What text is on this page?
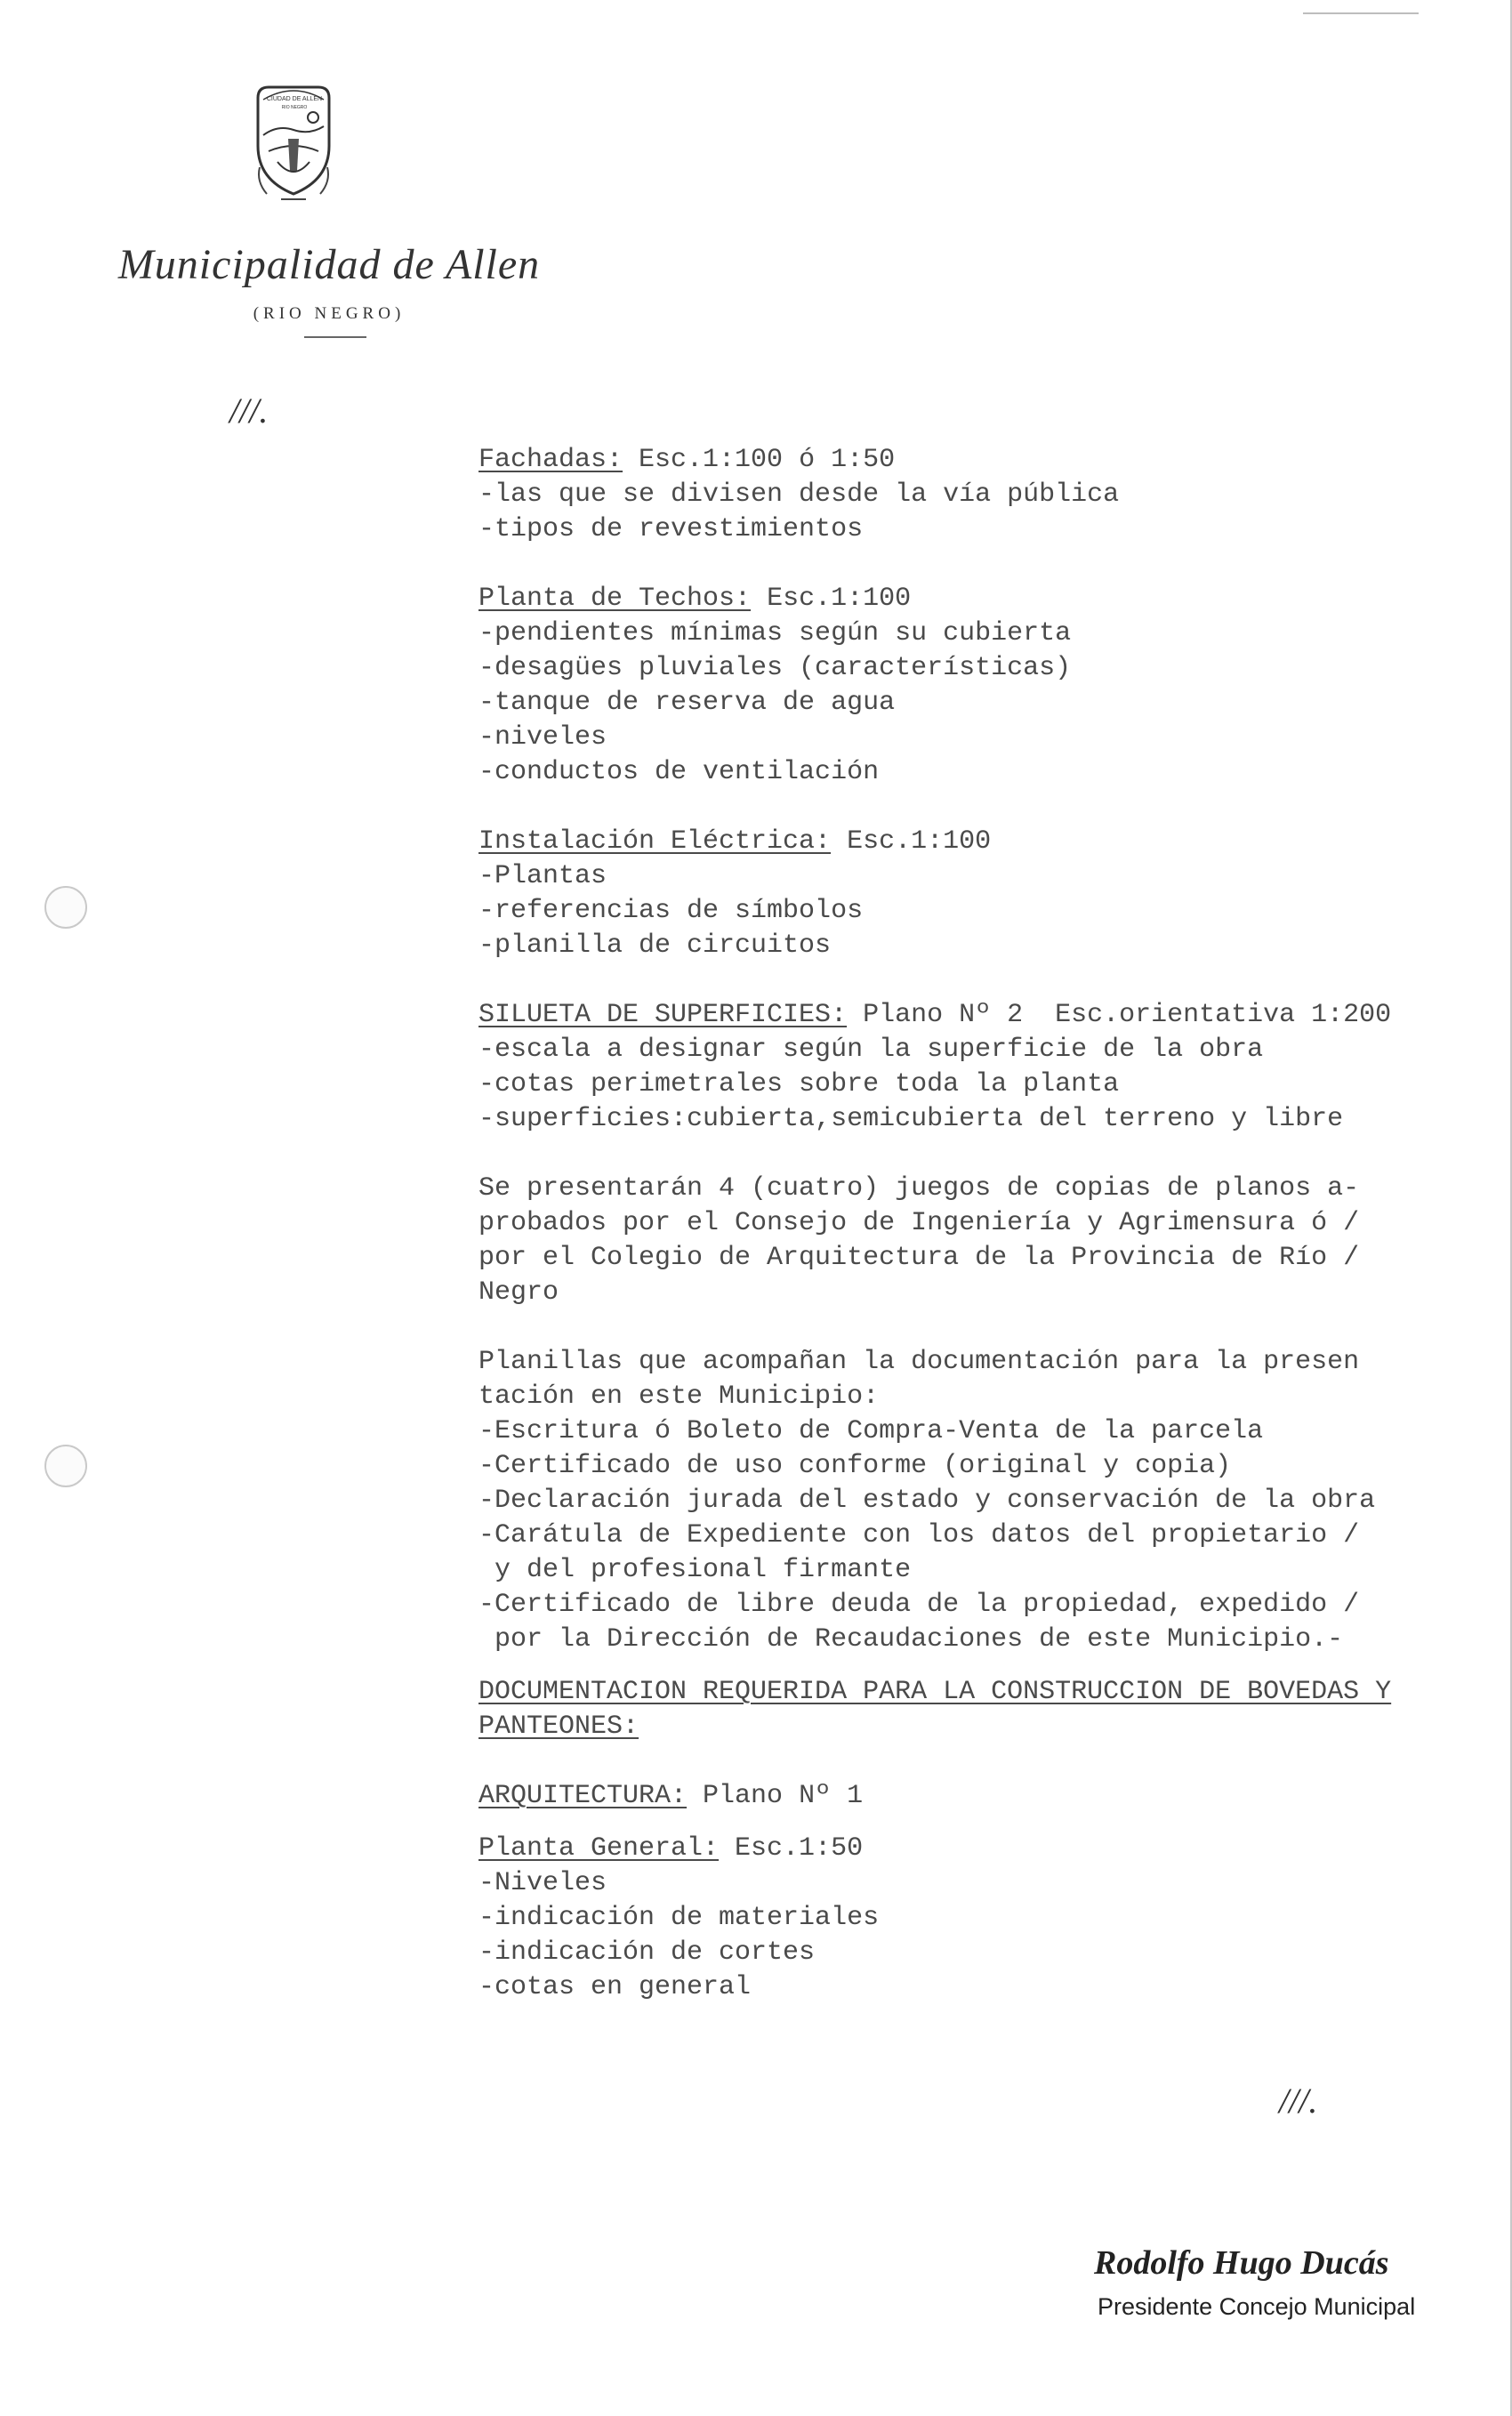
CIUDAD DE ALLEN
RIO NEGRO
Municipalidad de Allen
(RIO NEGRO)
///.
Fachadas: Esc.1:100 ó 1:50
-las que se divisen desde la vía pública
-tipos de revestimientos
Planta de Techos: Esc.1:100
-pendientes mínimas según su cubierta
-desagües pluviales (características)
-tanque de reserva de agua
-niveles
-conductos de ventilación
Instalación Eléctrica: Esc.1:100
-Plantas
-referencias de símbolos
-planilla de circuitos
SILUETA DE SUPERFICIES: Plano Nº 2  Esc.orientativa 1:200
-escala a designar según la superficie de la obra
-cotas perimetrales sobre toda la planta
-superficies:cubierta,semicubierta del terreno y libre
Se presentarán 4 (cuatro) juegos de copias de planos a-
probados por el Consejo de Ingeniería y Agrimensura ó /
por el Colegio de Arquitectura de la Provincia de Río /
Negro
Planillas que acompañan la documentación para la presen
tación en este Municipio:
-Escritura ó Boleto de Compra-Venta de la parcela
-Certificado de uso conforme (original y copia)
-Declaración jurada del estado y conservación de la obra
-Carátula de Expediente con los datos del propietario /
y del profesional firmante
-Certificado de libre deuda de la propiedad, expedido /
por la Dirección de Recaudaciones de este Municipio.-
DOCUMENTACION REQUERIDA PARA LA CONSTRUCCION DE BOVEDAS Y
PANTEONES:
ARQUITECTURA: Plano Nº 1
Planta General: Esc.1:50
-Niveles
-indicación de materiales
-indicación de cortes
-cotas en general
///.
Rodolfo Hugo Ducás
Presidente Concejo Municipal
